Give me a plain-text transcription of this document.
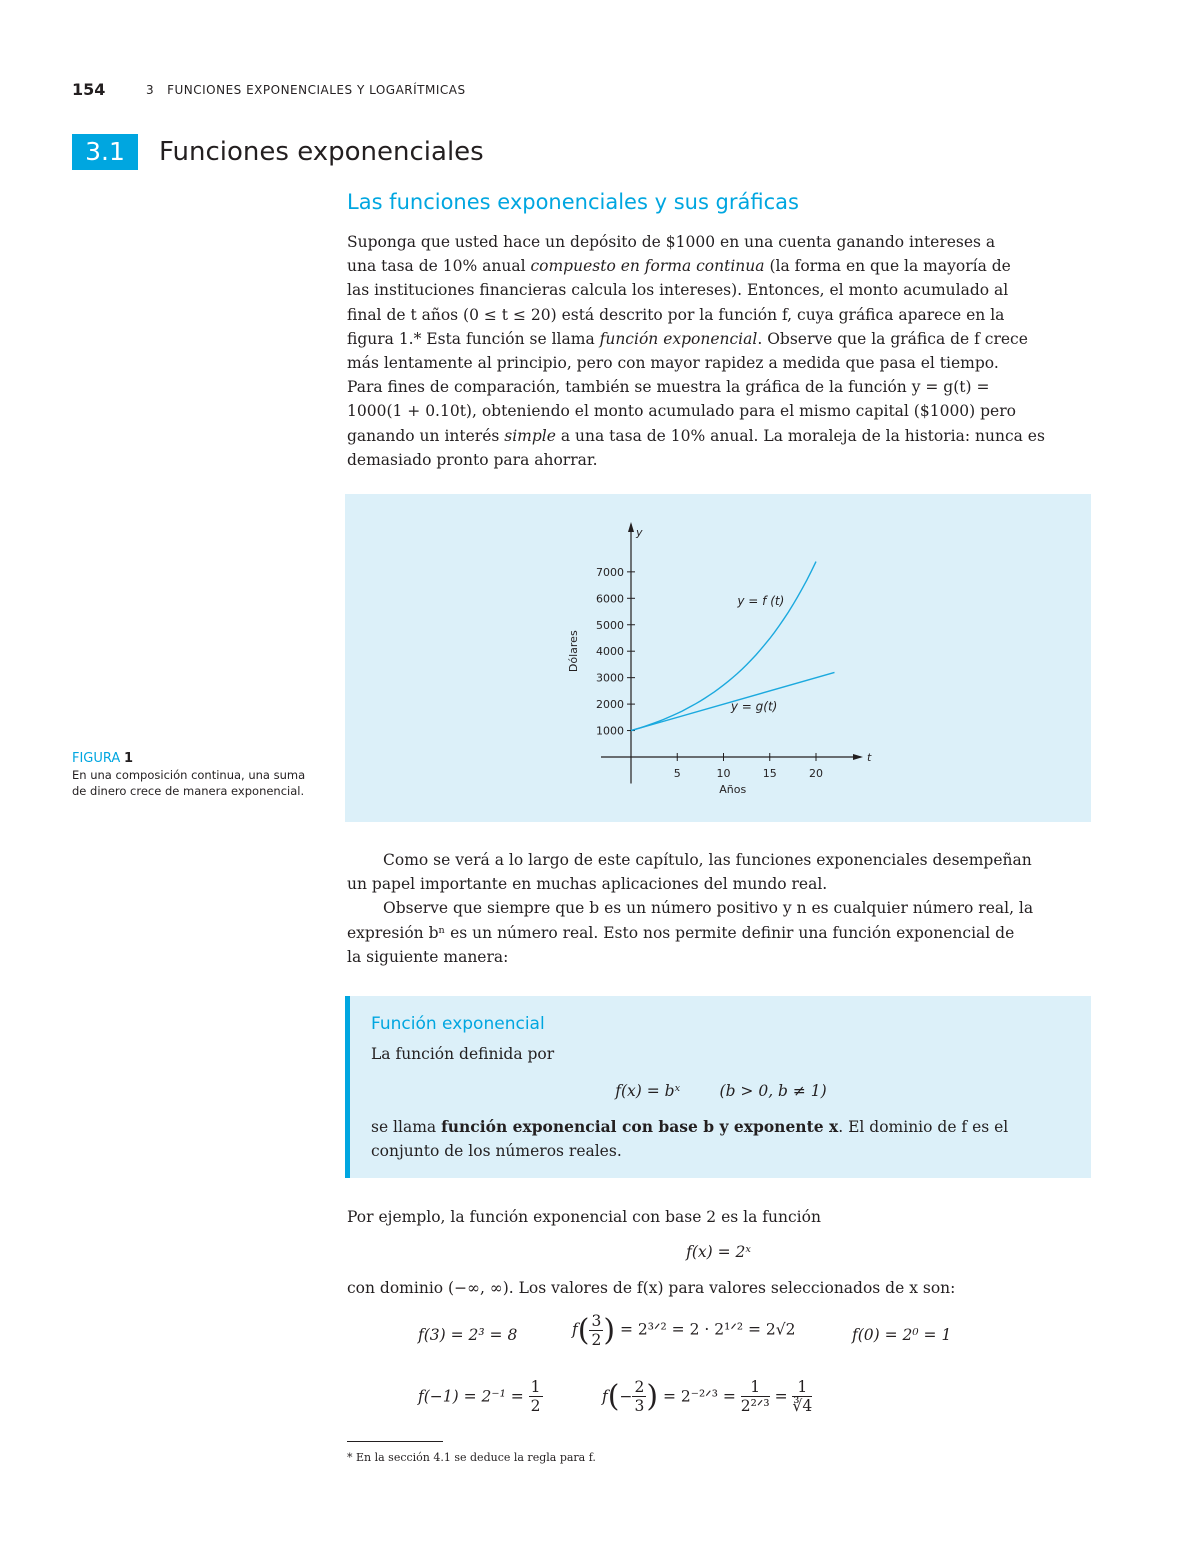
154	3   FUNCIONES EXPONENCIALES Y LOGARÍTMICAS
3.1	Funciones exponenciales
Las funciones exponenciales y sus gráficas

Suponga que usted hace un depósito de $1000 en una cuenta ganando intereses a

una tasa de 10% anual compuesto en forma continua (la forma en que la mayoría de

las instituciones financieras calcula los intereses). Entonces, el monto acumulado al

final de t años (0 ≤ t ≤ 20) está descrito por la función f, cuya gráfica aparece en la

figura 1.* Esta función se llama función exponencial. Observe que la gráfica de f crece

más lentamente al principio, pero con mayor rapidez a medida que pasa el tiempo.

Para fines de comparación, también se muestra la gráfica de la función y = g(t) =

1000(1 + 0.10t), obteniendo el monto acumulado para el mismo capital ($1000) pero

ganando un interés simple a una tasa de 10% anual. La moraleja de la historia: nunca es

demasiado pronto para ahorrar.

y
t
1000
2000
3000
4000
5000
6000
7000
5	10	15	20
Años
Dólares
y = f (t)
y = g(t)
FIGURA 1
En una composición continua, una suma de dinero crece de manera exponencial.

Como se verá a lo largo de este capítulo, las funciones exponenciales desempeñan

un papel importante en muchas aplicaciones del mundo real.

Observe que siempre que b es un número positivo y n es cualquier número real, la

expresión bⁿ es un número real. Esto nos permite definir una función exponencial de

la siguiente manera:

Función exponencial
La función definida por
f(x) = bˣ        (b > 0, b ≠ 1)
se llama función exponencial con base b y exponente x. El dominio de f es el
conjunto de los números reales.
Por ejemplo, la función exponencial con base 2 es la función
f(x) = 2ˣ
con dominio (−∞, ∞). Los valores de f(x) para valores seleccionados de x son:
f(3) = 2³ = 8	$f( \frac{3}{2}$ ) = 2³ᐟ² = 2 · 2¹ᐟ² = 2√2	f(0) = 2⁰ = 1
$f(-1) = 2^{-1} = \frac{1}{2}$	$f(- \frac{2}{3}$ ) = 2⁻²ᐟ³ = $\frac{1}{\text{2²ᐟ³}} = \frac{1}{∛4}$
* En la sección 4.1 se deduce la regla para f.
